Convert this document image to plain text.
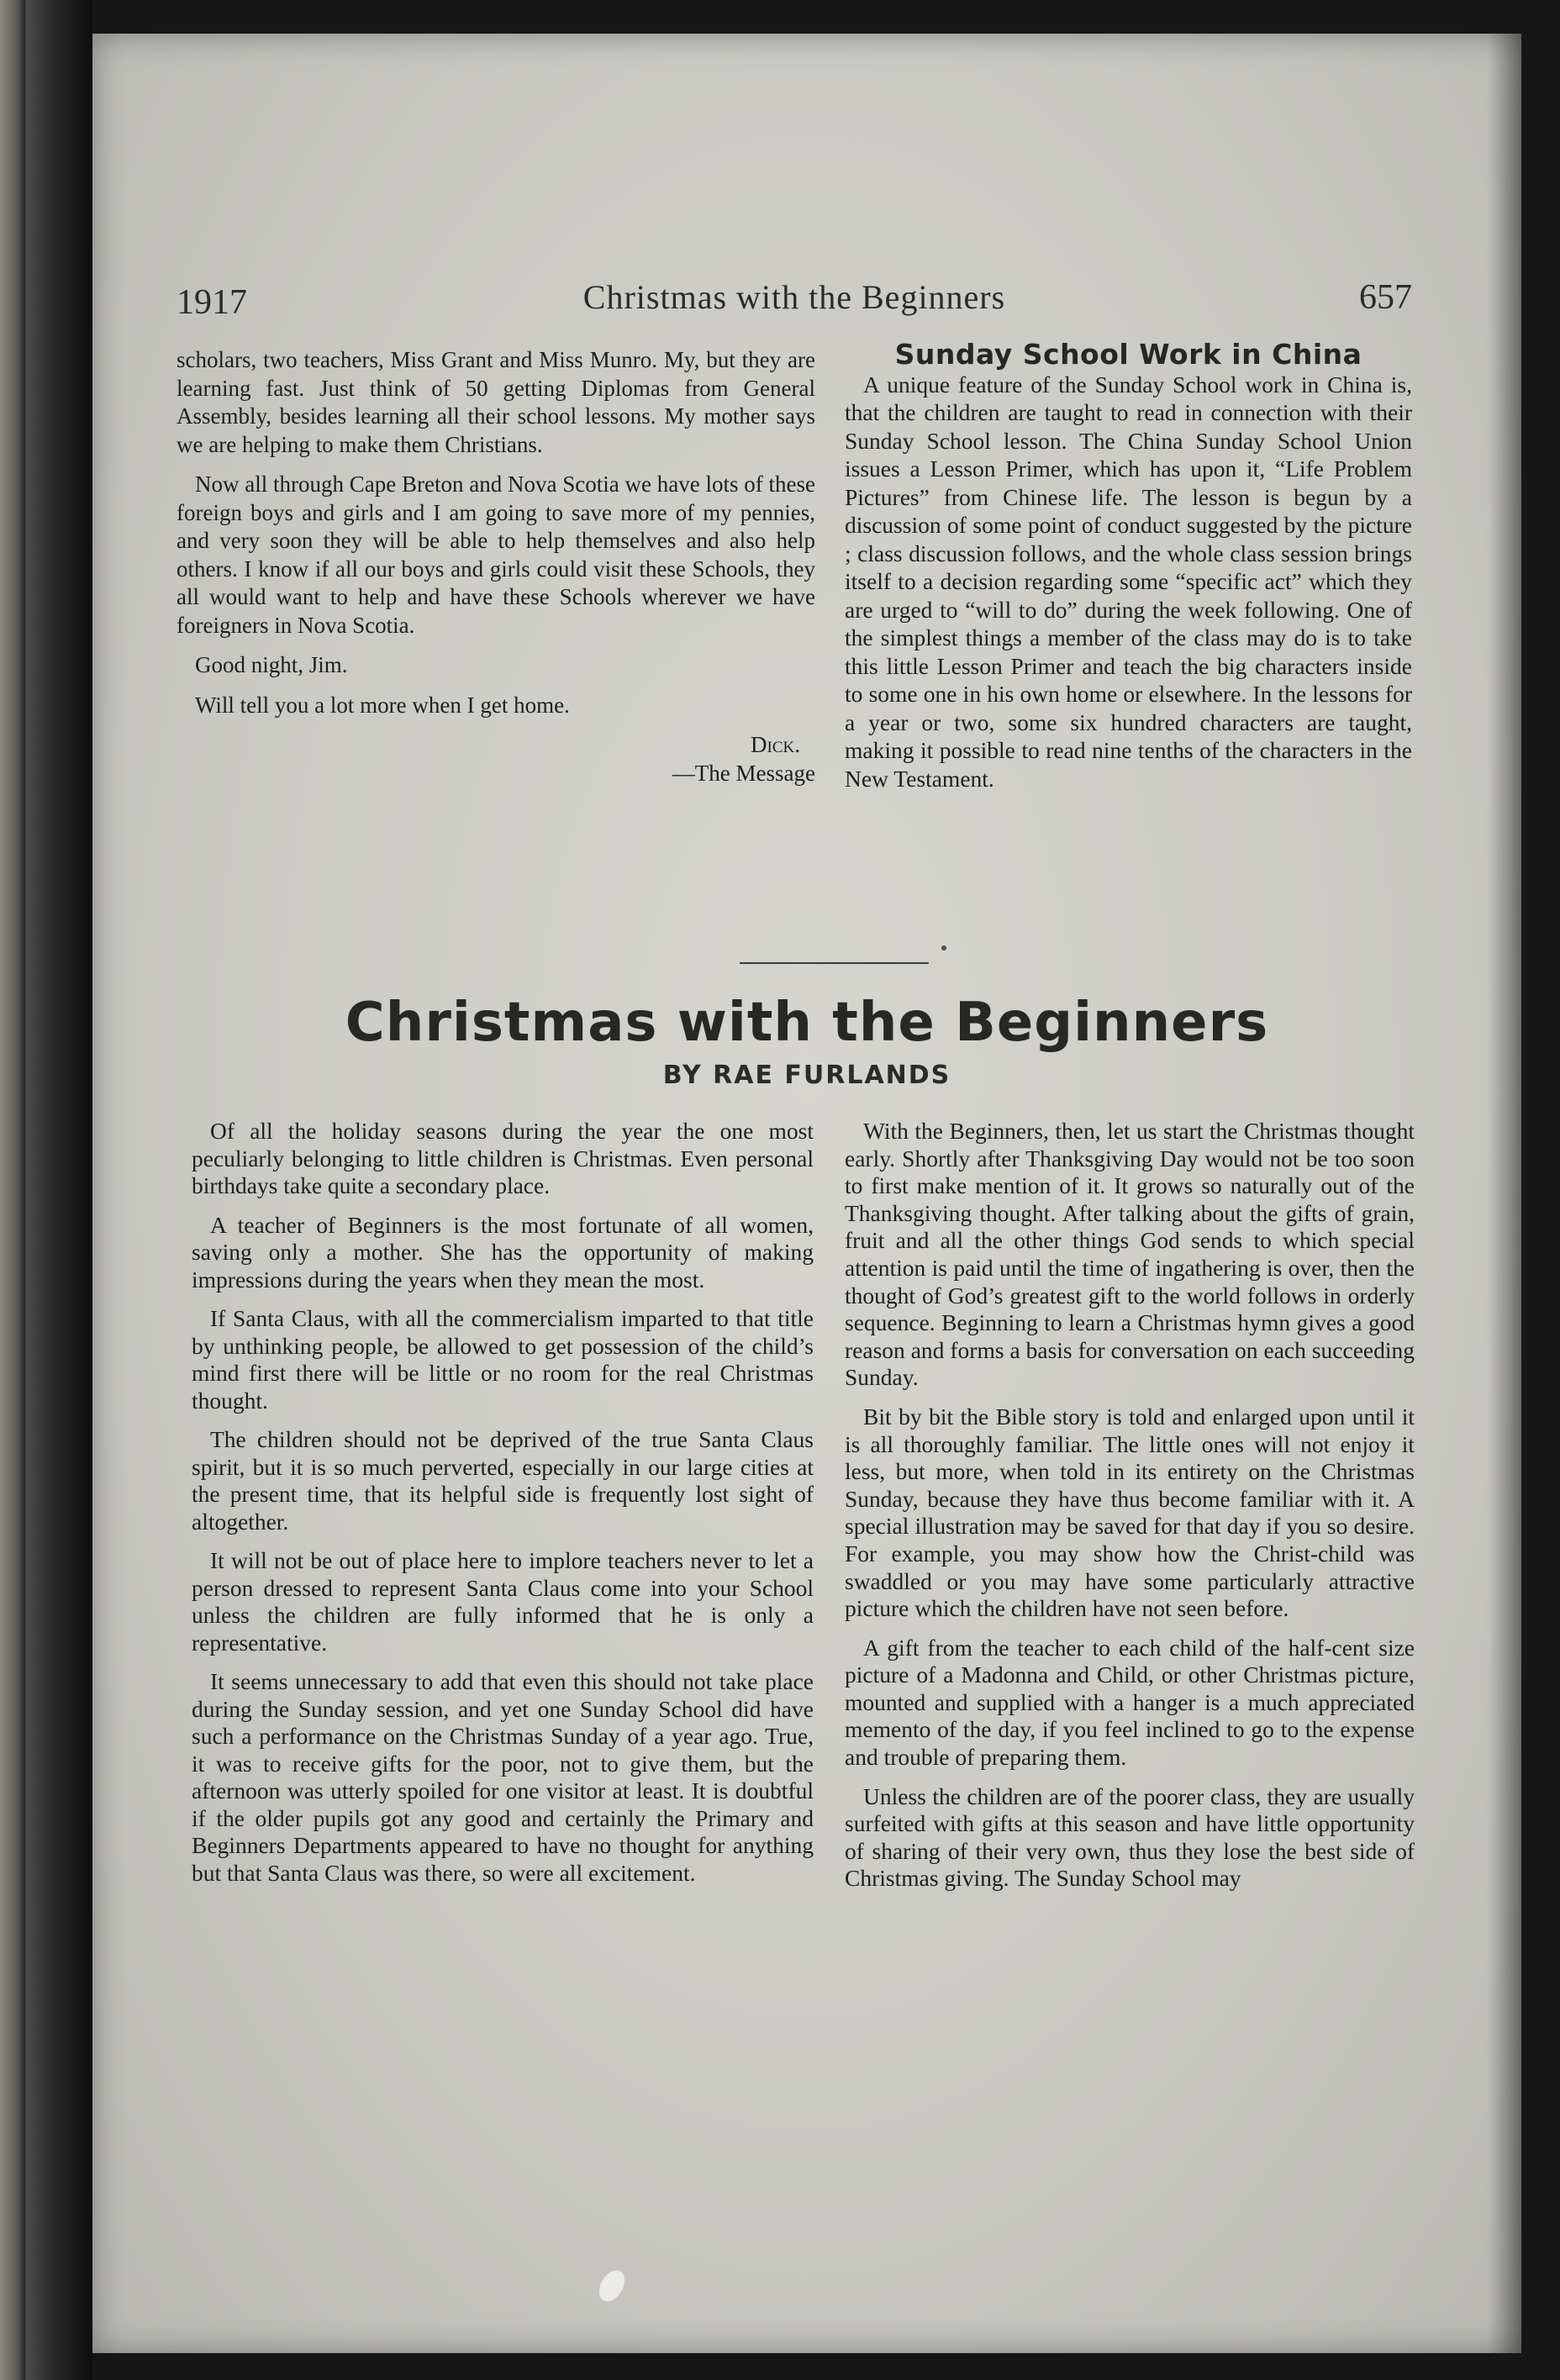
1917	Christmas with the Beginners	657

scholars, two teachers, Miss Grant and Miss Munro. My, but they are learning fast. Just think of 50 getting Diplomas from General Assembly, besides learning all their school lessons. My mother says we are helping to make them Christians.

Now all through Cape Breton and Nova Scotia we have lots of these foreign boys and girls and I am going to save more of my pennies, and very soon they will be able to help themselves and also help others. I know if all our boys and girls could visit these Schools, they all would want to help and have these Schools wherever we have foreigners in Nova Scotia.

Good night, Jim.

Will tell you a lot more when I get home.

Dick.

—The Message

Sunday School Work in China

A unique feature of the Sunday School work in China is, that the children are taught to read in connection with their Sunday School lesson. The China Sunday School Union issues a Lesson Primer, which has upon it, “Life Problem Pictures” from Chinese life. The lesson is begun by a discussion of some point of conduct suggested by the picture ; class discussion follows, and the whole class session brings itself to a decision regarding some “specific act” which they are urged to “will to do” during the week following. One of the simplest things a member of the class may do is to take this little Lesson Primer and teach the big characters inside to some one in his own home or elsewhere. In the lessons for a year or two, some six hundred characters are taught, making it possible to read nine tenths of the characters in the New Testament.

Christmas with the Beginners
BY RAE FURLANDS

Of all the holiday seasons during the year the one most peculiarly belonging to little children is Christmas. Even personal birthdays take quite a secondary place.

A teacher of Beginners is the most fortunate of all women, saving only a mother. She has the opportunity of making impressions during the years when they mean the most.

If Santa Claus, with all the commercialism imparted to that title by unthinking people, be allowed to get possession of the child’s mind first there will be little or no room for the real Christmas thought.

The children should not be deprived of the true Santa Claus spirit, but it is so much perverted, especially in our large cities at the present time, that its helpful side is frequently lost sight of altogether.

It will not be out of place here to implore teachers never to let a person dressed to represent Santa Claus come into your School unless the children are fully informed that he is only a representative.

It seems unnecessary to add that even this should not take place during the Sunday session, and yet one Sunday School did have such a performance on the Christmas Sunday of a year ago. True, it was to receive gifts for the poor, not to give them, but the afternoon was utterly spoiled for one visitor at least. It is doubtful if the older pupils got any good and certainly the Primary and Beginners Departments appeared to have no thought for anything but that Santa Claus was there, so were all excitement.

With the Beginners, then, let us start the Christmas thought early. Shortly after Thanksgiving Day would not be too soon to first make mention of it. It grows so naturally out of the Thanksgiving thought. After talking about the gifts of grain, fruit and all the other things God sends to which special attention is paid until the time of ingathering is over, then the thought of God’s greatest gift to the world follows in orderly sequence. Beginning to learn a Christmas hymn gives a good reason and forms a basis for conversation on each succeeding Sunday.

Bit by bit the Bible story is told and enlarged upon until it is all thoroughly familiar. The little ones will not enjoy it less, but more, when told in its entirety on the Christmas Sunday, because they have thus become familiar with it. A special illustration may be saved for that day if you so desire. For example, you may show how the Christ-child was swaddled or you may have some particularly attractive picture which the children have not seen before.

A gift from the teacher to each child of the half-cent size picture of a Madonna and Child, or other Christmas picture, mounted and supplied with a hanger is a much appreciated memento of the day, if you feel inclined to go to the expense and trouble of preparing them.

Unless the children are of the poorer class, they are usually surfeited with gifts at this season and have little opportunity of sharing of their very own, thus they lose the best side of Christmas giving. The Sunday School may
